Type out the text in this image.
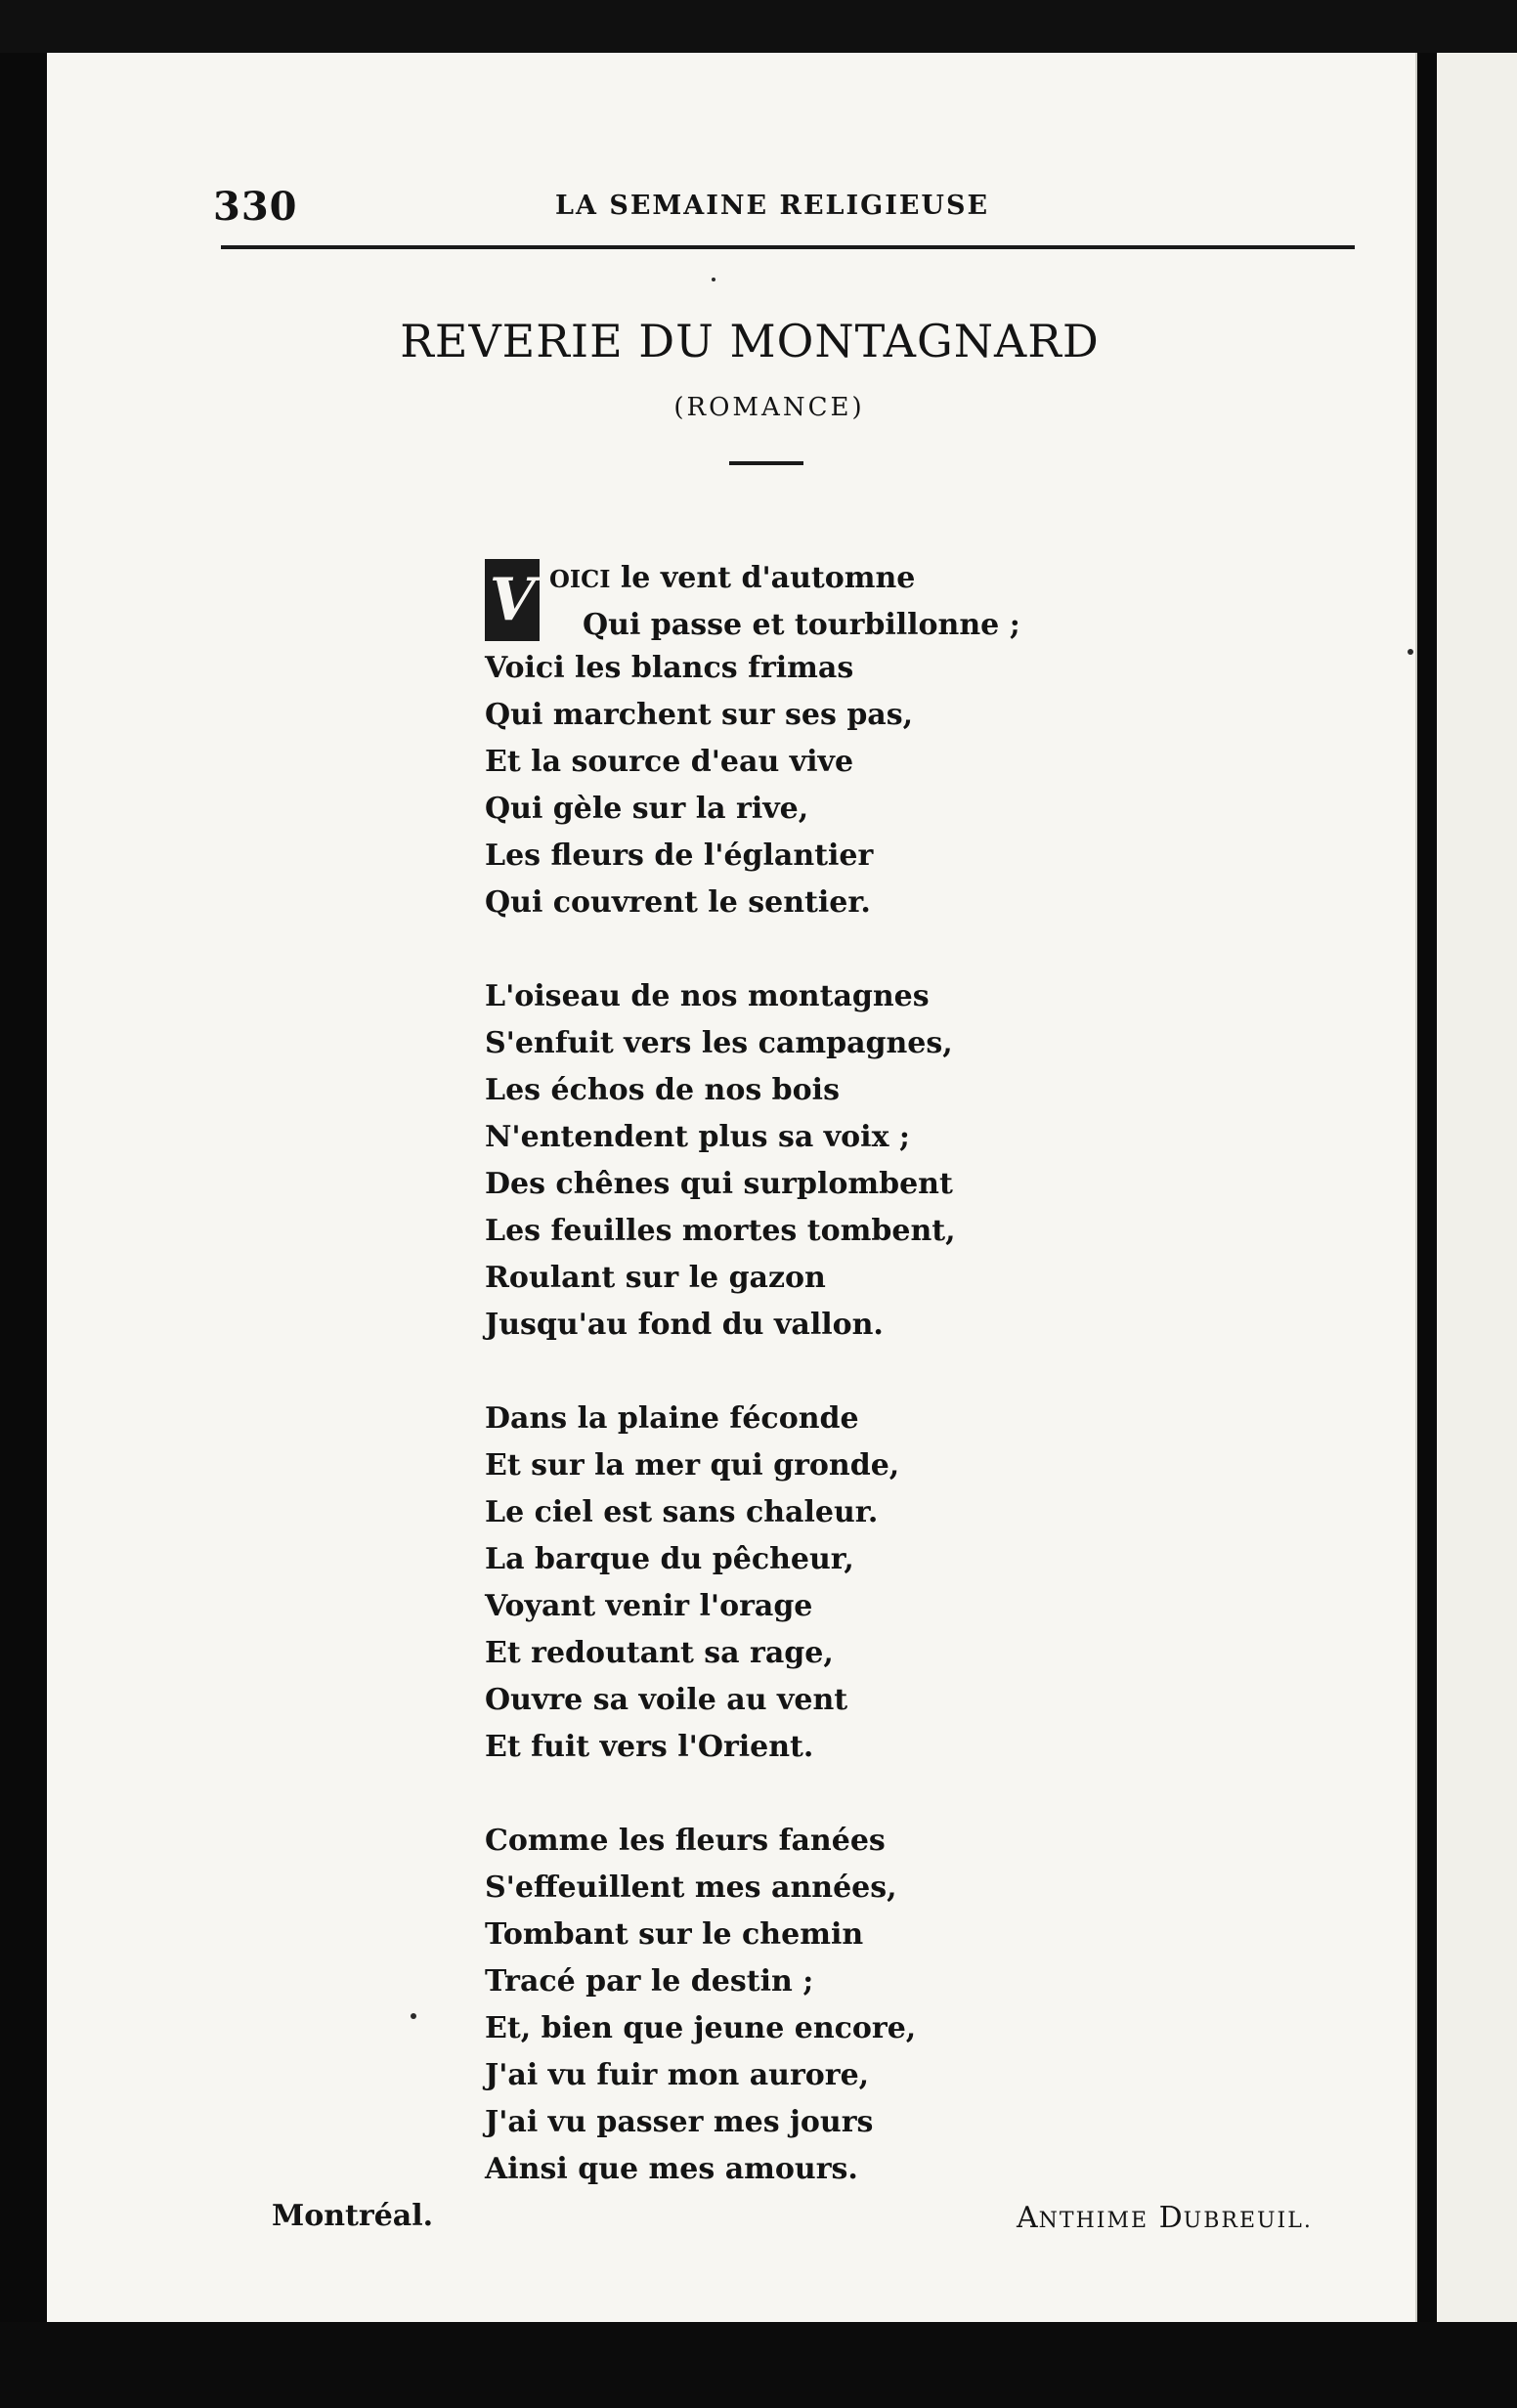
330	LA SEMAINE RELIGIEUSE
REVERIE DU MONTAGNARD
(ROMANCE)
V OICI le vent d'automne
Qui passe et tourbillonne ;
Voici les blancs frimas
Qui marchent sur ses pas,
Et la source d'eau vive
Qui gèle sur la rive,
Les fleurs de l'églantier
Qui couvrent le sentier.
L'oiseau de nos montagnes
S'enfuit vers les campagnes,
Les échos de nos bois
N'entendent plus sa voix ;
Des chênes qui surplombent
Les feuilles mortes tombent,
Roulant sur le gazon
Jusqu'au fond du vallon.
Dans la plaine féconde
Et sur la mer qui gronde,
Le ciel est sans chaleur.
La barque du pêcheur,
Voyant venir l'orage
Et redoutant sa rage,
Ouvre sa voile au vent
Et fuit vers l'Orient.
Comme les fleurs fanées
S'effeuillent mes années,
Tombant sur le chemin
Tracé par le destin ;
Et, bien que jeune encore,
J'ai vu fuir mon aurore,
J'ai vu passer mes jours
Ainsi que mes amours.
Montréal.	ANTHIME DUBREUIL.
